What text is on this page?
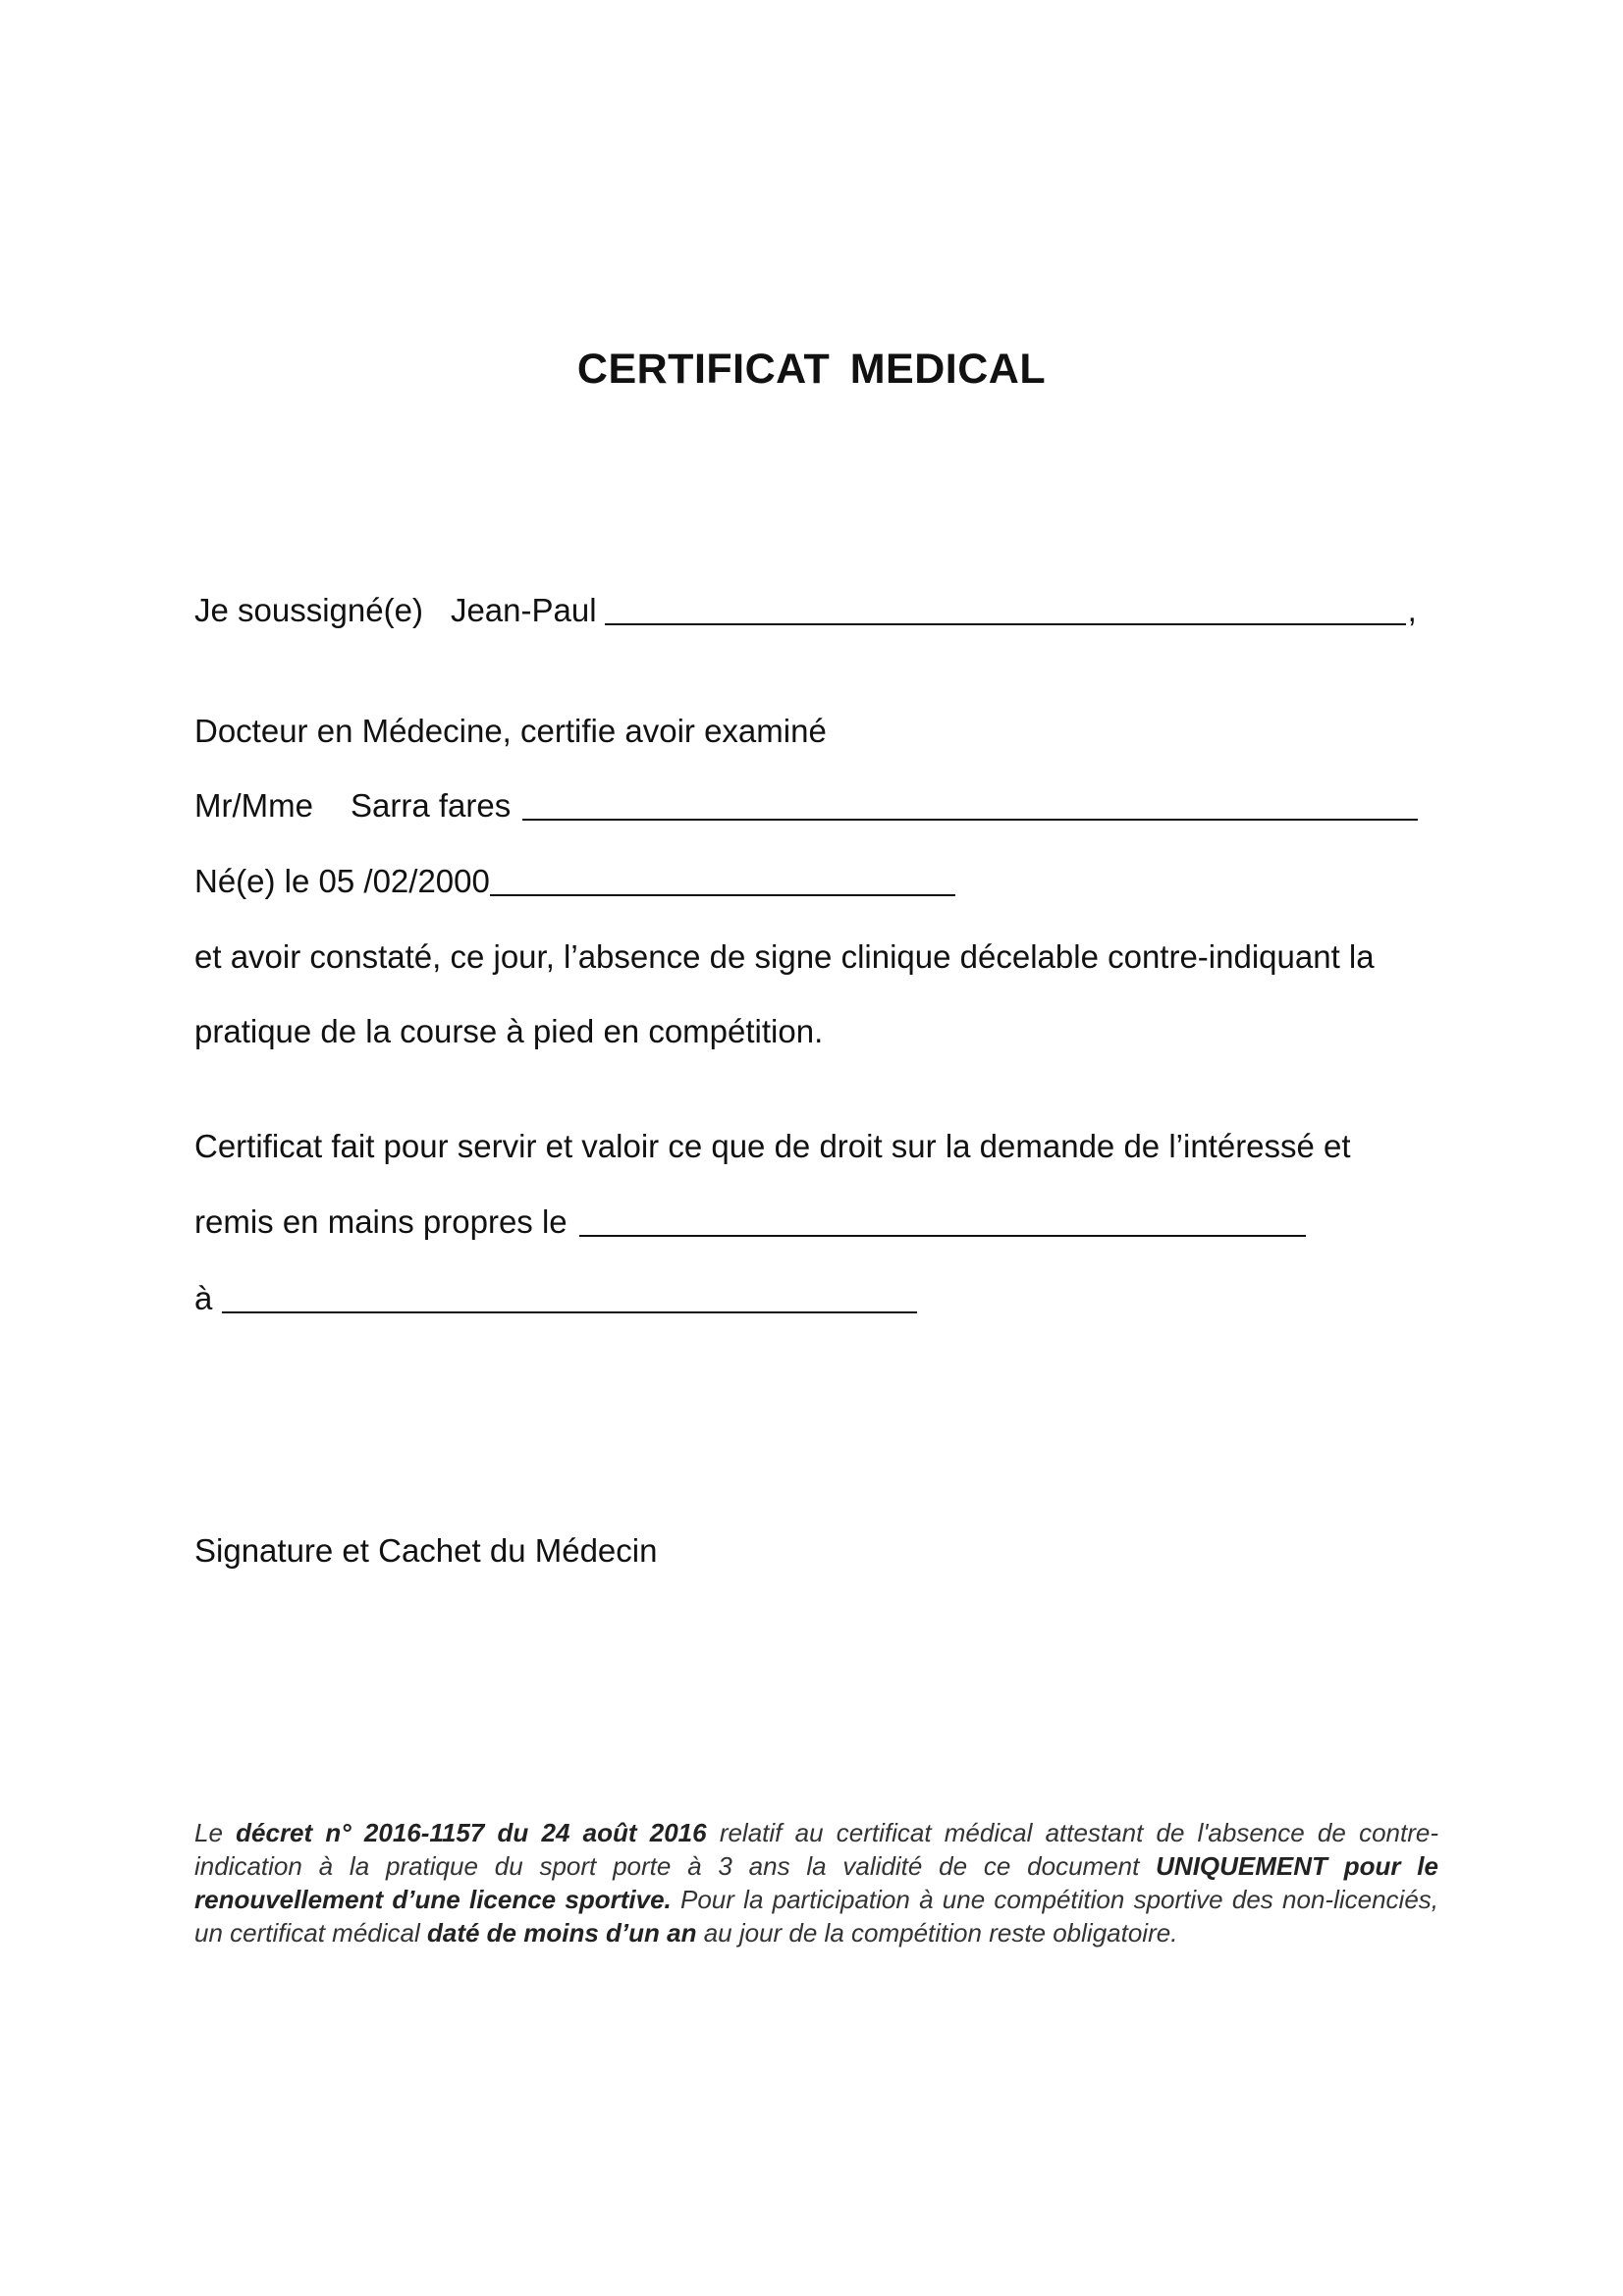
CERTIFICAT MEDICAL

Je soussigné(e) Jean-Paul	,

Docteur en Médecine, certifie avoir examiné

Mr/Mme Sarra fares

Né(e) le 05 /02/2000

et avoir constaté, ce jour, l’absence de signe clinique décelable contre-indiquant la

pratique de la course à pied en compétition.

Certificat fait pour servir et valoir ce que de droit sur la demande de l’intéressé et

remis en mains propres le

à

Signature et Cachet du Médecin

Le décret n° 2016-1157 du 24 août 2016 relatif au certificat médical attestant de l'absence de contre-indication à la pratique du sport porte à 3 ans la validité de ce document UNIQUEMENT pour le renouvellement d’une licence sportive. Pour la participation à une compétition sportive des non-licenciés, un certificat médical daté de moins d’un an au jour de la compétition reste obligatoire.
